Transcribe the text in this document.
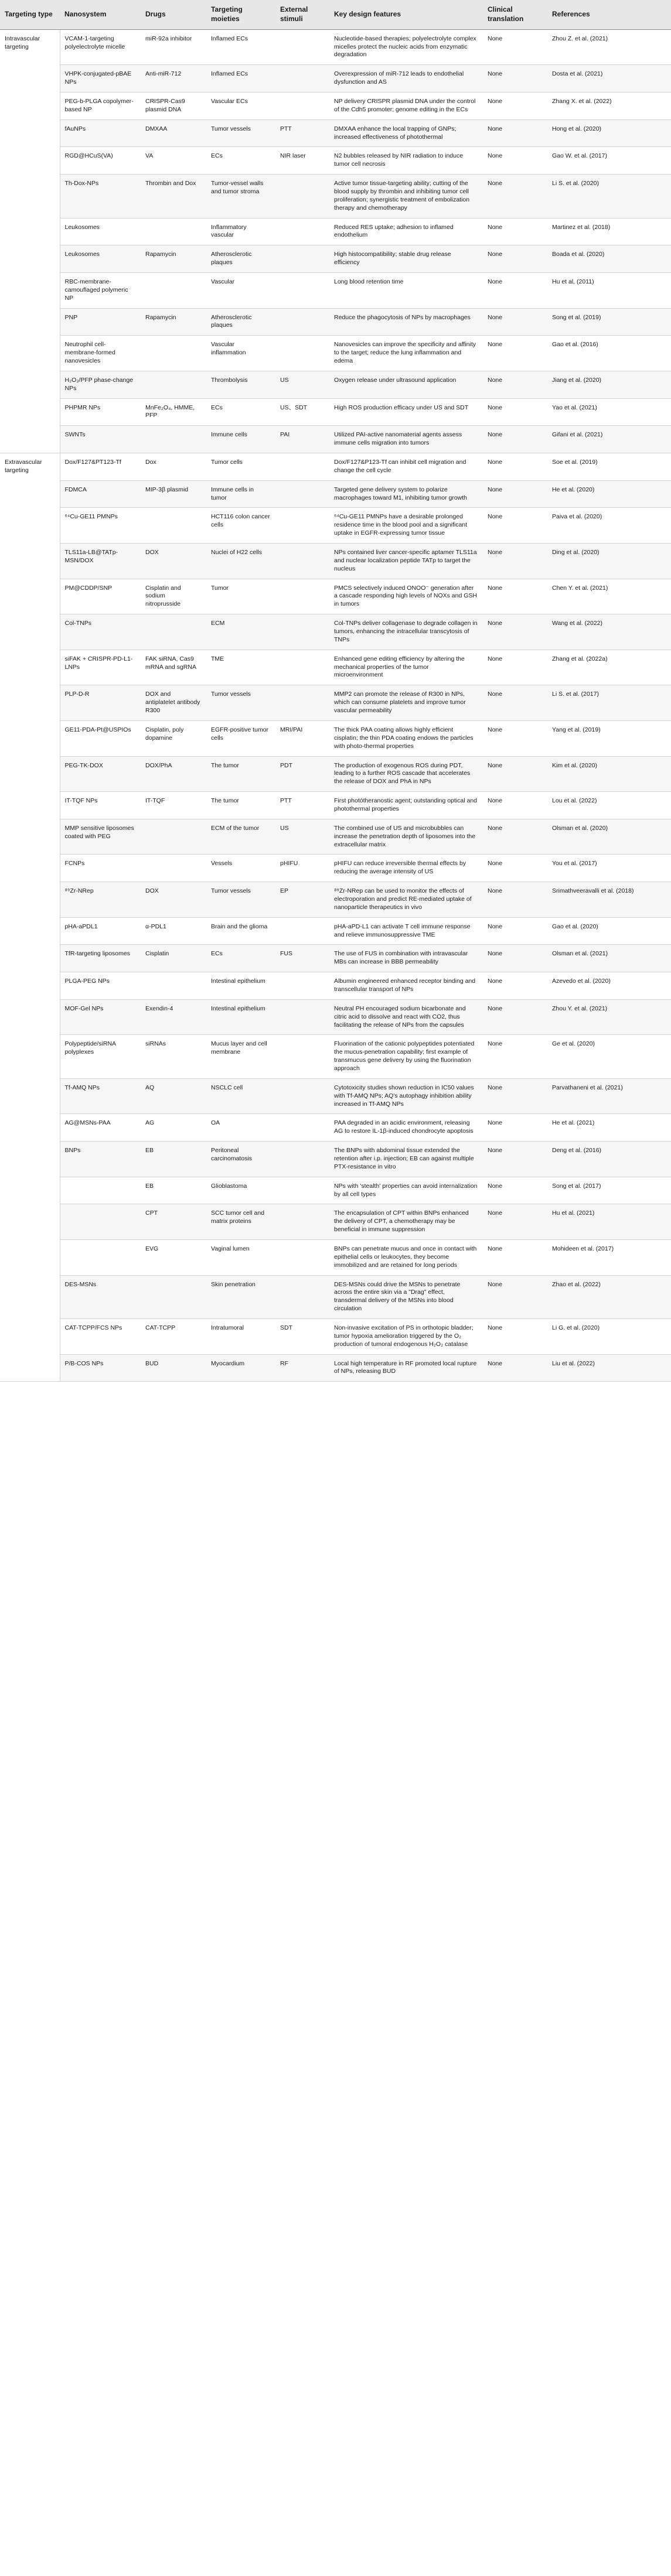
Targeting type	Nanosystem	Drugs	Targeting moieties	External stimuli	Key design features	Clinical translation	References
Intravascular targeting	VCAM-1-targeting polyelectrolyte micelle	miR-92a inhibitor	Inflamed ECs		Nucleotide-based therapies; polyelectrolyte complex micelles protect the nucleic acids from enzymatic degradation	None	Zhou Z. et al. (2021)
	VHPK-conjugated-pBAE NPs	Anti-miR-712	Inflamed ECs		Overexpression of miR-712 leads to endothelial dysfunction and AS	None	Dosta et al. (2021)
	PEG-b-PLGA copolymer-based NP	CRISPR-Cas9 plasmid DNA	Vascular ECs		NP delivery CRISPR plasmid DNA under the control of the Cdh5 promoter; genome editing in the ECs	None	Zhang X. et al. (2022)
	fAuNPs	DMXAA	Tumor vessels	PTT	DMXAA enhance the local trapping of GNPs; increased effectiveness of photothermal	None	Hong et al. (2020)
	RGD@HCuS(VA)	VA	ECs	NIR laser	N2 bubbles released by NIR radiation to induce tumor cell necrosis	None	Gao W. et al. (2017)
	Th-Dox-NPs	Thrombin and Dox	Tumor-vessel walls and tumor stroma		Active tumor tissue-targeting ability; cutting of the blood supply by thrombin and inhibiting tumor cell proliferation; synergistic treatment of embolization therapy and chemotherapy	None	Li S. et al. (2020)
	Leukosomes		Inflammatory vascular		Reduced RES uptake; adhesion to inflamed endothelium	None	Martinez et al. (2018)
	Leukosomes	Rapamycin	Atherosclerotic plaques		High histocompatibility; stable drug release efficiency	None	Boada et al. (2020)
	RBC-membrane-camouflaged polymeric NP		Vascular		Long blood retention time	None	Hu et al. (2011)
	PNP	Rapamycin	Atherosclerotic plaques		Reduce the phagocytosis of NPs by macrophages	None	Song et al. (2019)
	Neutrophil cell-membrane-formed nanovesicles		Vascular inflammation		Nanovesicles can improve the specificity and affinity to the target; reduce the lung inflammation and edema	None	Gao et al. (2016)
	H₂O₂/PFP phase-change NPs		Thrombolysis	US	Oxygen release under ultrasound application	None	Jiang et al. (2020)
	PHPMR NPs	MnFe₂O₄, HMME, PFP	ECs	US、SDT	High ROS production efficacy under US and SDT	None	Yao et al. (2021)
	SWNTs		Immune cells	PAI	Utilized PAI-active nanomaterial agents assess immune cells migration into tumors	None	Gifani et al. (2021)
Extravascular targeting	Dox/F127&PT123-Tf	Dox	Tumor cells		Dox/F127&P123-Tf can inhibit cell migration and change the cell cycle	None	Soe et al. (2019)
	FDMCA	MIP-3β plasmid	Immune cells in tumor		Targeted gene delivery system to polarize macrophages toward M1, inhibiting tumor growth	None	He et al. (2020)
	⁶⁴Cu-GE11 PMNPs		HCT116 colon cancer cells		⁶⁴Cu-GE11 PMNPs have a desirable prolonged residence time in the blood pool and a significant uptake in EGFR-expressing tumor tissue	None	Paiva et al. (2020)
	TLS11a-LB@TATp-MSN/DOX	DOX	Nuclei of H22 cells		NPs contained liver cancer-specific aptamer TLS11a and nuclear localization peptide TATp to target the nucleus	None	Ding et al. (2020)
	PM@CDDP/SNP	Cisplatin and sodium nitroprusside	Tumor		PMCS selectively induced ONOO⁻ generation after a cascade responding high levels of NOXs and GSH in tumors	None	Chen Y. et al. (2021)
	Col-TNPs		ECM		Col-TNPs deliver collagenase to degrade collagen in tumors, enhancing the intracellular transcytosis of TNPs	None	Wang et al. (2022)
	siFAK + CRISPR-PD-L1-LNPs	FAK siRNA, Cas9 mRNA and sgRNA	TME		Enhanced gene editing efficiency by altering the mechanical properties of the tumor microenvironment	None	Zhang et al. (2022a)
	PLP-D-R	DOX and antiplatelet antibody R300	Tumor vessels		MMP2 can promote the release of R300 in NPs, which can consume platelets and improve tumor vascular permeability	None	Li S. et al. (2017)
	GE11-PDA-Pt@USPIOs	Cisplatin, poly dopamine	EGFR-positive tumor cells	MRI/PAI	The thick PAA coating allows highly efficient cisplatin; the thin PDA coating endows the particles with photo-thermal properties	None	Yang et al. (2019)
	PEG-TK-DOX	DOX/PhA	The tumor	PDT	The production of exogenous ROS during PDT, leading to a further ROS cascade that accelerates the release of DOX and PhA in NPs	None	Kim et al. (2020)
	IT-TQF NPs	IT-TQF	The tumor	PTT	First photótheranostic agent; outstanding optical and photothermal properties	None	Lou et al. (2022)
	MMP sensitive liposomes coated with PEG		ECM of the tumor	US	The combined use of US and microbubbles can increase the penetration depth of liposomes into the extracellular matrix	None	Olsman et al. (2020)
	FCNPs		Vessels	pHIFU	pHIFU can reduce irreversible thermal effects by reducing the average intensity of US	None	You et al. (2017)
	⁸⁹Zr-NRep	DOX	Tumor vessels	EP	⁸⁹Zr-NRep can be used to monitor the effects of electroporation and predict RE-mediated uptake of nanoparticle therapeutics in vivo	None	Srimathveeravalli et al. (2018)
	pHA-aPDL1	α-PDL1	Brain and the glioma		pHA-aPD-L1 can activate T cell immune response and relieve immunosuppressive TME	None	Gao et al. (2020)
	TfR-targeting liposomes	Cisplatin	ECs	FUS	The use of FUS in combination with intravascular MBs can increase in BBB permeability	None	Olsman et al. (2021)
	PLGA-PEG NPs		Intestinal epithelium		Albumin engineered enhanced receptor binding and transcellular transport of NPs	None	Azevedo et al. (2020)
	MOF-Gel NPs	Exendin-4	Intestinal epithelium		Neutral PH encouraged sodium bicarbonate and citric acid to dissolve and react with CO2, thus facilitating the release of NPs from the capsules	None	Zhou Y. et al. (2021)
	Polypeptide/siRNA polyplexes	siRNAs	Mucus layer and cell membrane		Fluorination of the cationic polypeptides potentiated the mucus-penetration capability; first example of transmucus gene delivery by using the fluorination approach	None	Ge et al. (2020)
	Tf-AMQ NPs	AQ	NSCLC cell		Cytotoxicity studies shown reduction in IC50 values with Tf-AMQ NPs; AQ's autophagy inhibition ability increased in Tf-AMQ NPs	None	Parvathaneni et al. (2021)
	AG@MSNs-PAA	AG	OA		PAA degraded in an acidic environment, releasing AG to restore IL-1β-induced chondrocyte apoptosis	None	He et al. (2021)
	BNPs	EB	Peritoneal carcinomatosis		The BNPs with abdominal tissue extended the retention after i.p. injection; EB can against multiple PTX-resistance in vitro	None	Deng et al. (2016)
		EB	Glioblastoma		NPs with 'stealth' properties can avoid internalization by all cell types	None	Song et al. (2017)
		CPT	SCC tumor cell and matrix proteins		The encapsulation of CPT within BNPs enhanced the delivery of CPT, a chemotherapy may be beneficial in immune suppression	None	Hu et al. (2021)
		EVG	Vaginal lumen		BNPs can penetrate mucus and once in contact with epithelial cells or leukocytes, they become immobilized and are retained for long periods	None	Mohideen et al. (2017)
	DES-MSNs		Skin penetration		DES-MSNs could drive the MSNs to penetrate across the entire skin via a "Drag" effect, transdermal delivery of the MSNs into blood circulation	None	Zhao et al. (2022)
	CAT-TCPP/FCS NPs	CAT-TCPP	Intratumoral	SDT	Non-invasive excitation of PS in orthotopic bladder; tumor hypoxia amelioration triggered by the O₂ production of tumoral endogenous H₂O₂ catalase	None	Li G. et al. (2020)
	P/B-COS NPs	BUD	Myocardium	RF	Local high temperature in RF promoted local rupture of NPs, releasing BUD	None	Liu et al. (2022)
